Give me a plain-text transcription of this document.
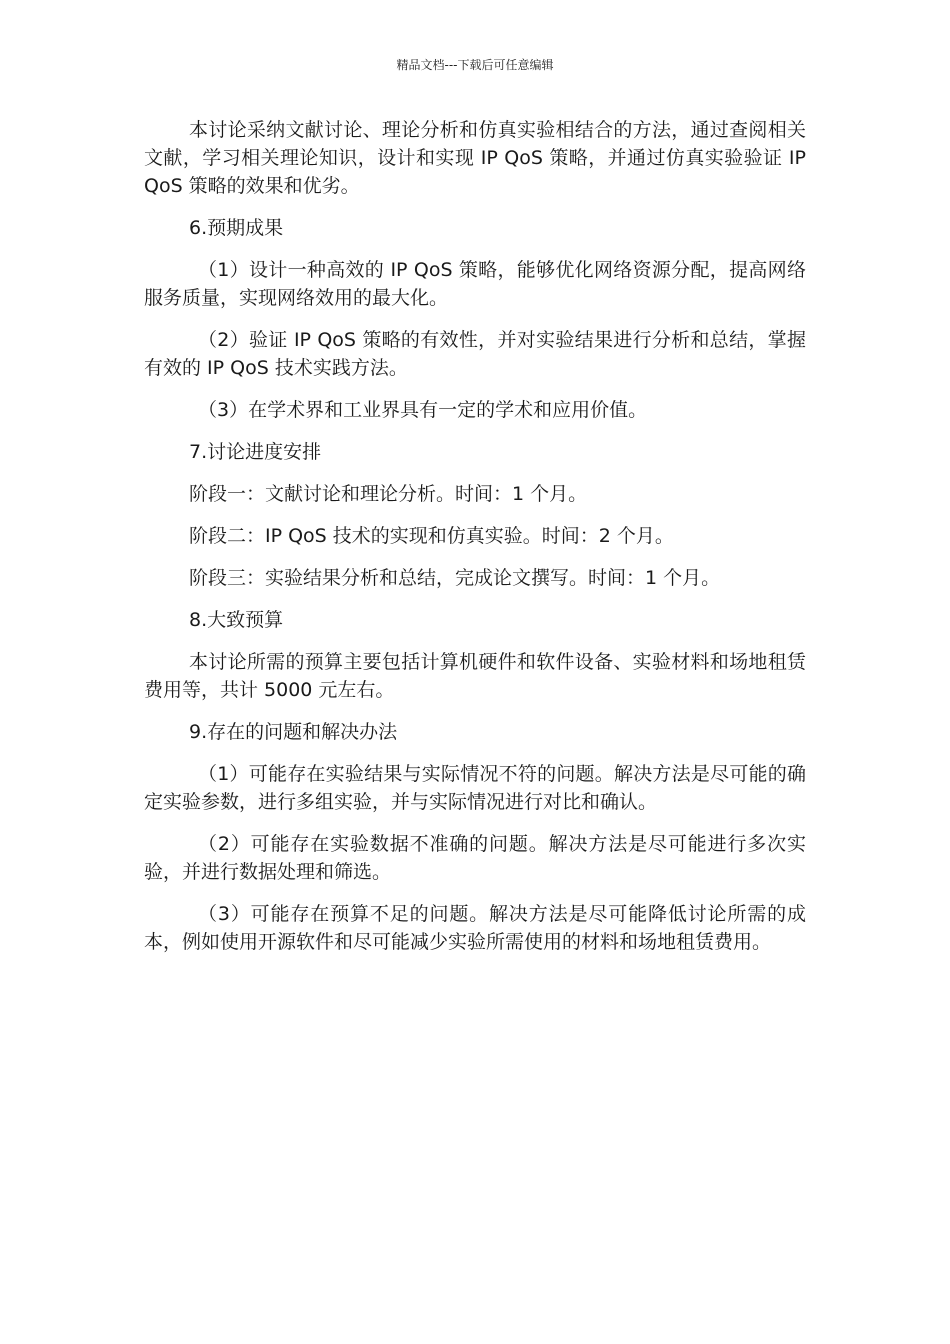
精品文档---下载后可任意编辑

本讨论采纳文献讨论、理论分析和仿真实验相结合的方法，通过查阅相关文献，学习相关理论知识，设计和实现 IP QoS 策略，并通过仿真实验验证 IP QoS 策略的效果和优劣。

6.预期成果

（1）设计一种高效的 IP QoS 策略，能够优化网络资源分配，提高网络服务质量，实现网络效用的最大化。

（2）验证 IP QoS 策略的有效性，并对实验结果进行分析和总结，掌握有效的 IP QoS 技术实践方法。

（3）在学术界和工业界具有一定的学术和应用价值。

7.讨论进度安排

阶段一：文献讨论和理论分析。时间：1 个月。

阶段二：IP QoS 技术的实现和仿真实验。时间：2 个月。

阶段三：实验结果分析和总结，完成论文撰写。时间：1 个月。

8.大致预算

本讨论所需的预算主要包括计算机硬件和软件设备、实验材料和场地租赁费用等，共计 5000 元左右。

9.存在的问题和解决办法

（1）可能存在实验结果与实际情况不符的问题。解决方法是尽可能的确定实验参数，进行多组实验，并与实际情况进行对比和确认。

（2）可能存在实验数据不准确的问题。解决方法是尽可能进行多次实验，并进行数据处理和筛选。

（3）可能存在预算不足的问题。解决方法是尽可能降低讨论所需的成本，例如使用开源软件和尽可能减少实验所需使用的材料和场地租赁费用。
